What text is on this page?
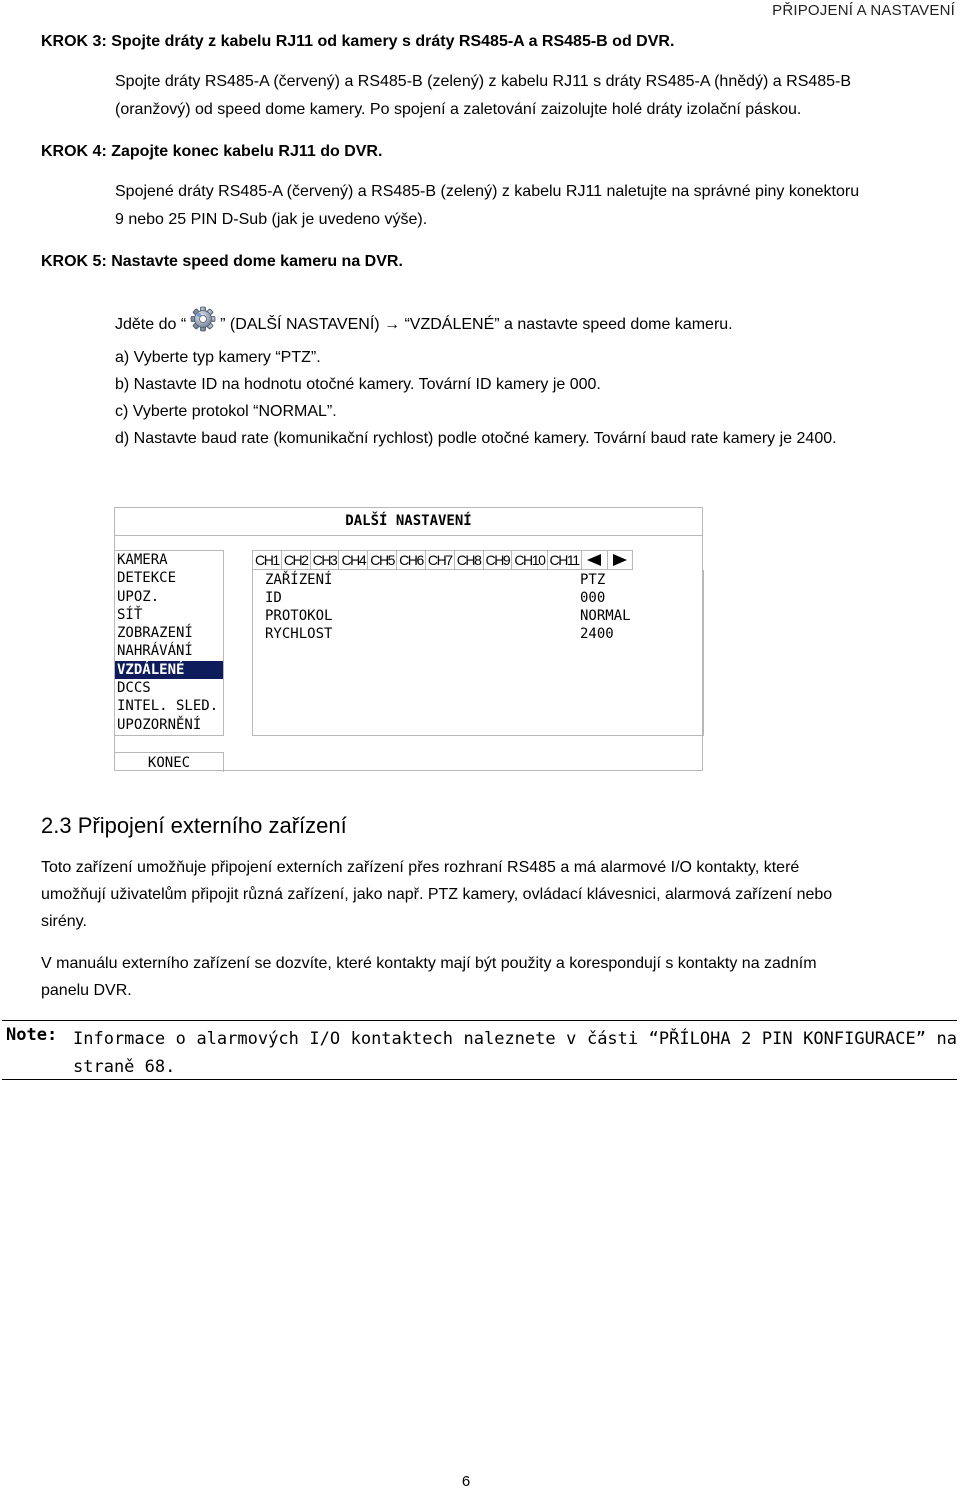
PŘIPOJENÍ A NASTAVENÍ
KROK 3: Spojte dráty z kabelu RJ11 od kamery s dráty RS485-A a RS485-B od DVR.
Spojte dráty RS485-A (červený) a RS485-B (zelený) z kabelu RJ11 s dráty RS485-A (hnědý) a RS485-B
(oranžový) od speed dome kamery. Po spojení a zaletování zaizolujte holé dráty izolační páskou.
KROK 4: Zapojte konec kabelu RJ11 do DVR.
Spojené dráty RS485-A (červený) a RS485-B (zelený) z kabelu RJ11 naletujte na správné piny konektoru
9 nebo 25 PIN D-Sub (jak je uvedeno výše).
KROK 5: Nastavte speed dome kameru na DVR.
Jděte do “ ” (DALŠÍ NASTAVENÍ) → “VZDÁLENÉ” a nastavte speed dome kameru.
a) Vyberte typ kamery “PTZ”.
b) Nastavte ID na hodnotu otočné kamery. Tovární ID kamery je 000.
c) Vyberte protokol “NORMAL”.
d) Nastavte baud rate (komunikační rychlost) podle otočné kamery. Tovární baud rate kamery je 2400.
DALŠÍ NASTAVENÍ
KAMERA
DETEKCE
UPOZ.
SÍŤ
ZOBRAZENÍ
NAHRÁVÁNÍ
VZDÁLENÉ
DCCS
INTEL. SLED.
UPOZORNĚNÍ
KONEC
CH1 CH2 CH3 CH4 CH5 CH6 CH7 CH8 CH9 CH10 CH11
ZAŘÍZENÍ	PTZ
ID	000
PROTOKOL	NORMAL
RYCHLOST	2400
2.3 Připojení externího zařízení
Toto zařízení umožňuje připojení externích zařízení přes rozhraní RS485 a má alarmové I/O kontakty, které
umožňují uživatelům připojit různá zařízení, jako např. PTZ kamery, ovládací klávesnici, alarmová zařízení nebo
sirény.
V manuálu externího zařízení se dozvíte, které kontakty mají být použity a korespondují s kontakty na zadním
panelu DVR.
Note: Informace o alarmových I/O kontaktech naleznete v části “PŘÍLOHA 2 PIN KONFIGURACE” na straně 68.
6
